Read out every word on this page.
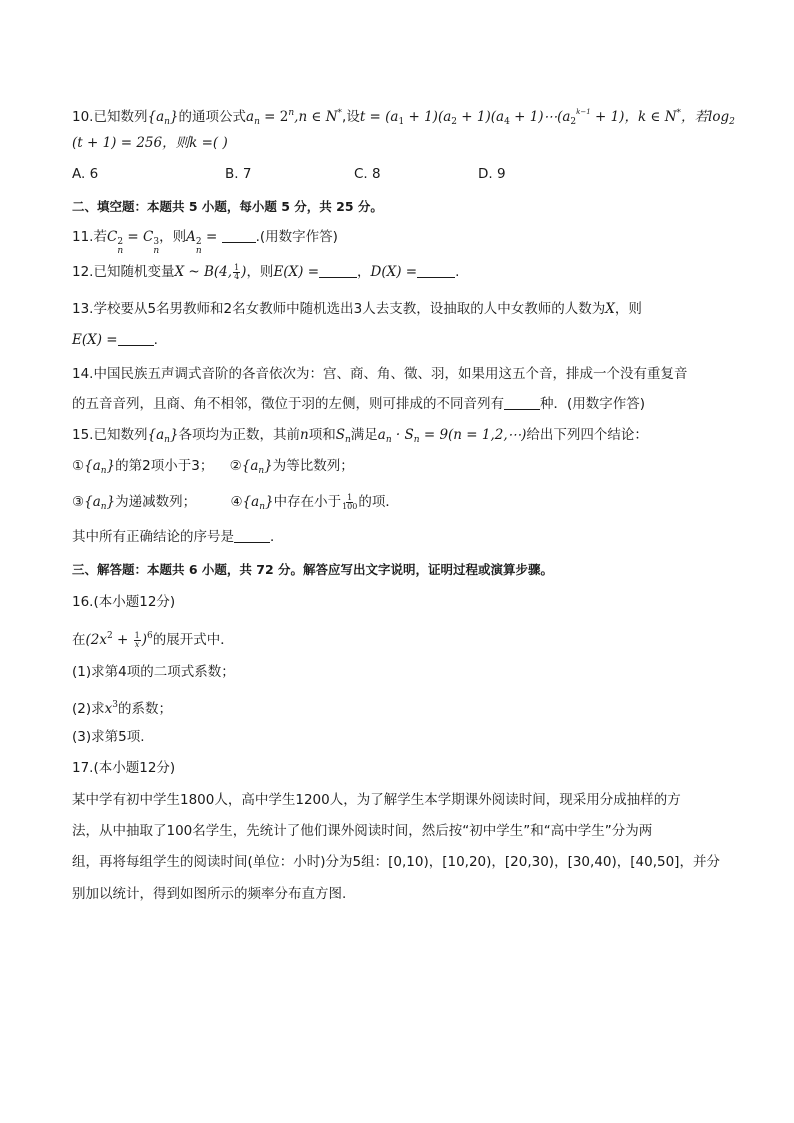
10.已知数列$\{a_n\}$的通项公式$a_n = 2^n,n$ ∈ N*,设$t = (a_1 + 1)(a_2 + 1)(a_4$ + $1)\cdots(a_2^{k-1} + 1)$，k ∈ N*，若$\log_2$
(t + 1) = 256，则k =( )
A. 6	B. 7	C. 8	D. 9
二、填空题：本题共 5 小题，每小题 5 分，共 25 分。
11.若C 2
n
= C 3
n
，则A 2
n
=	.(用数字作答)
12.已知随机变量X ~ B(4, $\frac{1}{4}$ )，则E(X) =	，D(X) =	.
13.学校要从5名男教师和2名女教师中随机选出3人去支教，设抽取的人中女教师的人数为X，则
E(X) =	.
14.中国民族五声调式音阶的各音依次为：宫、商、角、徵、羽，如果用这五个音，排成一个没有重复音
的五音音列，且商、角不相邻，徵位于羽的左侧，则可排成的不同音列有	种．(用数字作答)
15.已知数列$\{a_n\}$各项均为正数，其前n项和$S_n$满足$a_n \cdot S_n = 9(n$ = 1,2,⋯)给出下列四个结论：
$①\{a_n\}$的第2项小于3； $②\{a_n\}$为等比数列；
$③\{a_n\}$为递减数列；	$④\{a_n\}$中存在小于 $\frac{1}{100}$ 的项．
其中所有正确结论的序号是	．
三、解答题：本题共 6 小题，共 72 分。解答应写出文字说明，证明过程或演算步骤。
16.(本小题12分)
在$(2x^2 + \frac{1}{x} )^6$的展开式中．
(1)求第4项的二项式系数；
(2)求$x^3$的系数；
(3)求第5项.
17.(本小题12分)
某中学有初中学生1800人，高中学生1200人，为了解学生本学期课外阅读时间，现采用分成抽样的方
法，从中抽取了100名学生，先统计了他们课外阅读时间，然后按“初中学生”和“高中学生”分为两
组，再将每组学生的阅读时间(单位：小时)分为5组：[0,10)，[10,20)，[20,30)，[30,40)，[40,50]，并分
别加以统计，得到如图所示的频率分布直方图.
